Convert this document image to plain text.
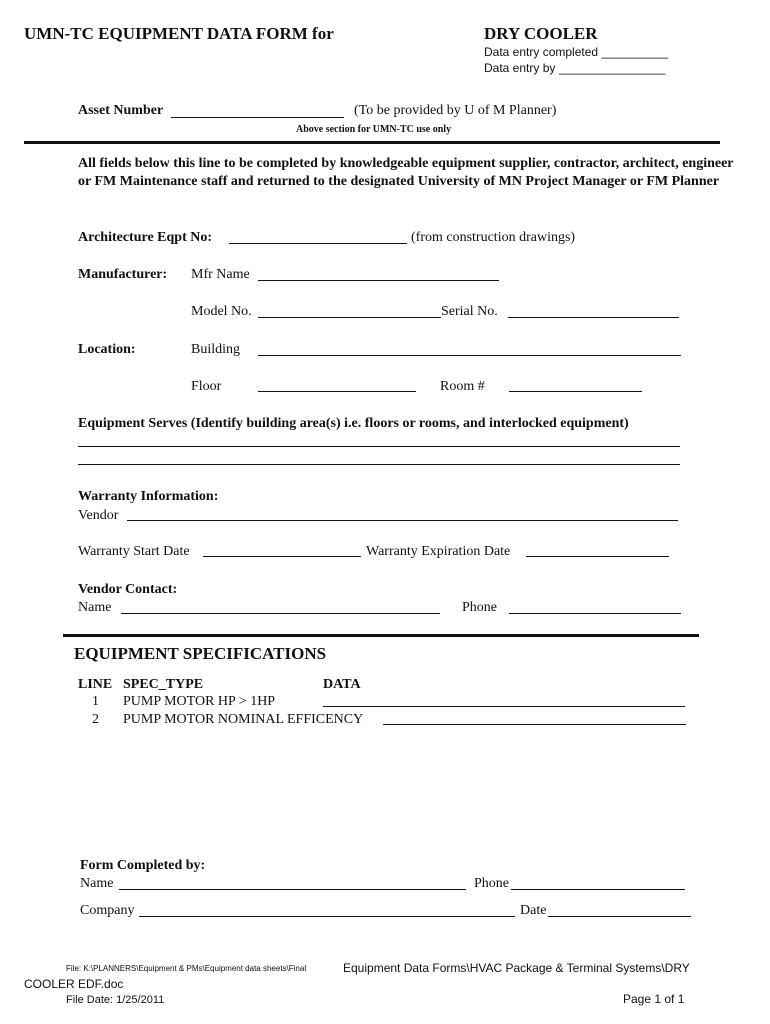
UMN-TC EQUIPMENT DATA FORM for	DRY COOLER
Data entry completed __________
Data entry by ________________
Asset Number	(To be provided by U of M Planner)
Above section for UMN-TC use only
All fields below this line to be completed by knowledgeable equipment supplier, contractor, architect, engineer or FM Maintenance staff and returned to the designated University of MN Project Manager or FM Planner
Architecture Eqpt No:	(from construction drawings)
Manufacturer: Mfr Name
Model No.	Serial No.
Location:	Building
Floor	Room #
Equipment Serves (Identify building area(s) i.e. floors or rooms, and interlocked equipment)
Warranty Information:
Vendor
Warranty Start Date	Warranty Expiration Date
Vendor Contact:
Name	Phone
EQUIPMENT SPECIFICATIONS
LINE SPEC_TYPE	DATA
1 PUMP MOTOR HP > 1HP
2 PUMP MOTOR NOMINAL EFFICENCY
Form Completed by:
Name	Phone
Company	Date
File: K:\PLANNERS\Equipment & PMs\Equipment data sheets\Final	Equipment Data Forms\HVAC Package & Terminal Systems\DRY
COOLER EDF.doc
File Date: 1/25/2011	Page 1 of 1
